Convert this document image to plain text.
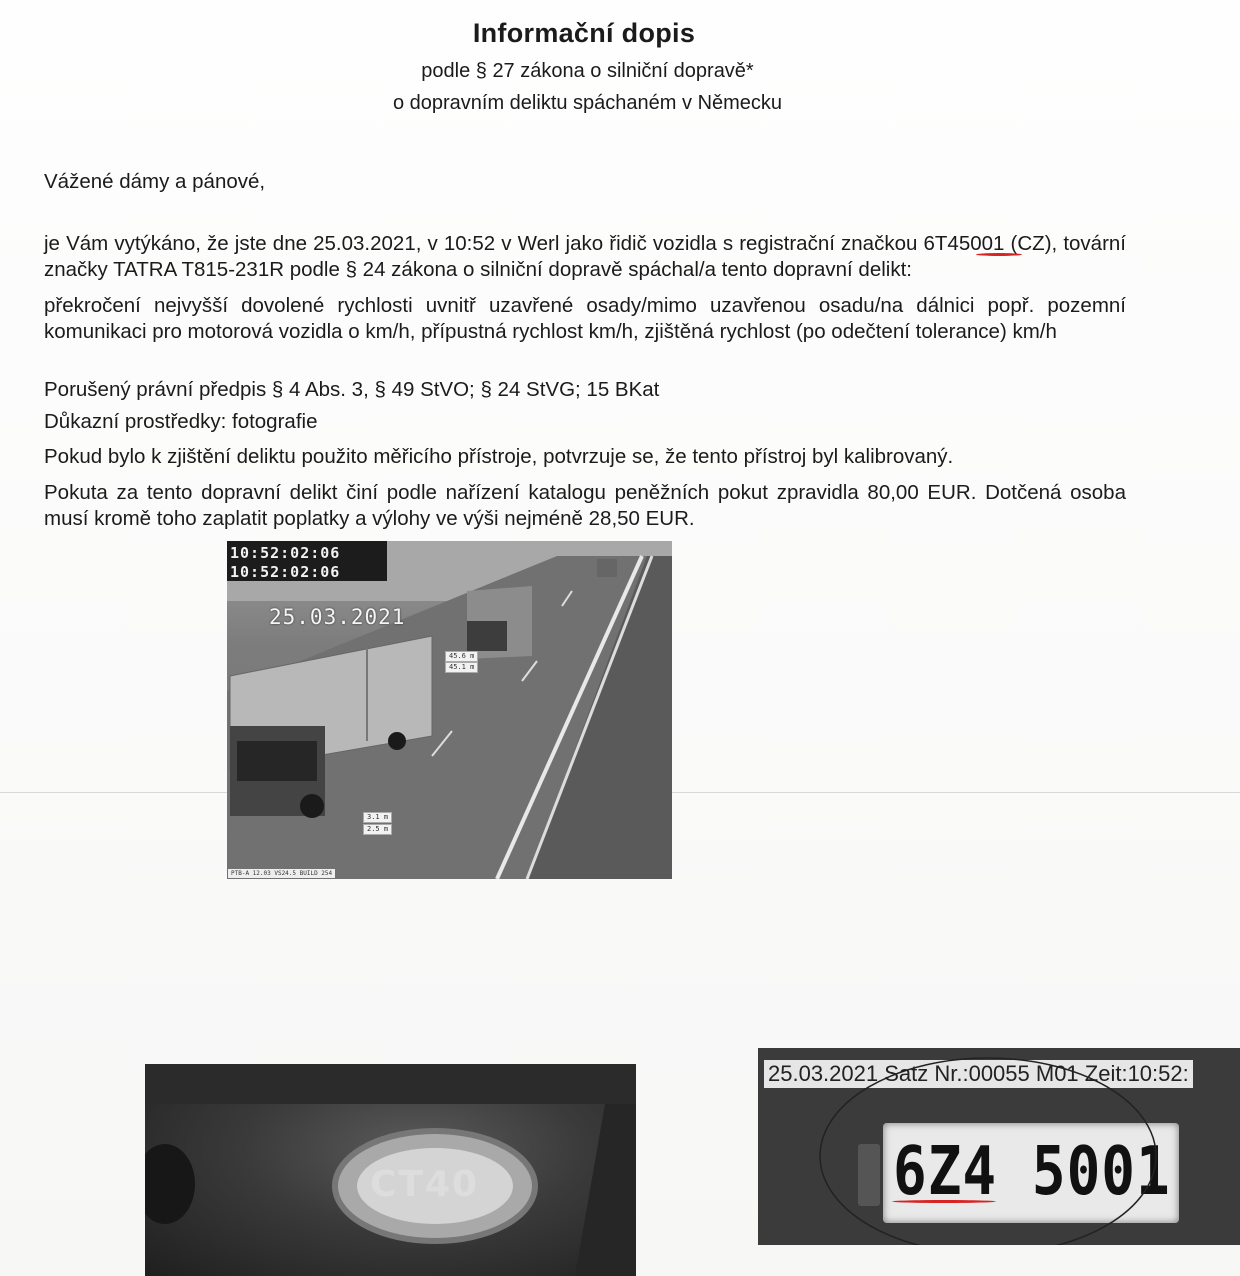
Informační dopis
podle § 27 zákona o silniční dopravě*
o dopravním deliktu spáchaném v Německu
Vážené dámy a pánové,
je Vám vytýkáno, že jste dne 25.03.2021, v 10:52 v Werl jako řidič vozidla s registrační značkou 6T45001 (CZ), tovární značky TATRA T815-231R podle § 24 zákona o silniční dopravě spáchal/a tento dopravní delikt:
překročení nejvyšší dovolené rychlosti uvnitř uzavřené osady/mimo uzavřenou osadu/na dálnici popř. pozemní komunikaci pro motorová vozidla o km/h, přípustná rychlost km/h, zjištěná rychlost (po odečtení tolerance) km/h
Porušený právní předpis § 4 Abs. 3, § 49 StVO; § 24 StVG; 15 BKat
Důkazní prostředky: fotografie
Pokud bylo k zjištění deliktu použito měřicího přístroje, potvrzuje se, že tento přístroj byl kalibrovaný.
Pokuta za tento dopravní delikt činí podle nařízení katalogu peněžních pokut zpravidla 80,00 EUR. Dotčená osoba musí kromě toho zaplatit poplatky a výlohy ve výši nejméně 28,50 EUR.
10:52:02:06
10:52:02:06
25.03.2021
45.6 m
45.1 m
3.1 m
2.5 m
PTB-A 12.03 VS24.5 BUILD 254
CT40
25.03.2021 Satz Nr.:00055 M01 Zeit:10:52:
6Z4 5001
